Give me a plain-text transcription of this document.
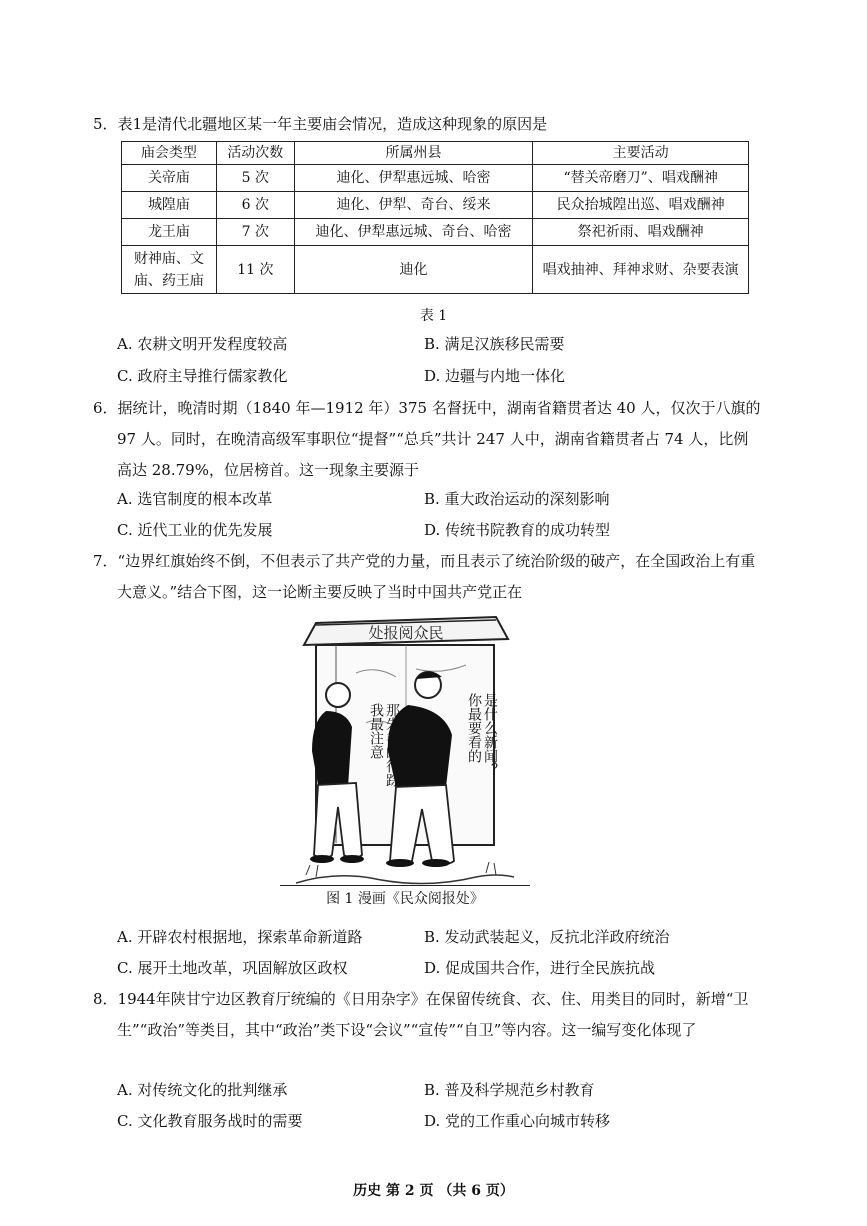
5．表1是清代北疆地区某一年主要庙会情况，造成这种现象的原因是

庙会类型	活动次数	所属州县	主要活动
关帝庙	5 次	迪化、伊犁惠远城、哈密	“替关帝磨刀”、唱戏酬神
城隍庙	6 次	迪化、伊犁、奇台、绥来	民众抬城隍出巡、唱戏酬神
龙王庙	7 次	迪化、伊犁惠远城、奇台、哈密	祭祀祈雨、唱戏酬神
财神庙、文庙、药王庙	11 次	迪化	唱戏抽神、拜神求财、杂要表演
表 1
A. 农耕文明开发程度较高	B. 满足汉族移民需要
C. 政府主导推行儒家教化	D. 边疆与内地一体化

6．据统计，晚清时期（1840 年—1912 年）375 名督抚中，湖南省籍贯者达 40 人，仅次于八旗的 97 人。同时，在晚清高级军事职位“提督”“总兵”共计 247 人中，湖南省籍贯者占 74 人，比例高达 28.79%，位居榜首。这一现象主要源于

A. 选官制度的根本改革	B. 重大政治运动的深刻影响
C. 近代工业的优先发展	D. 传统书院教育的成功转型

7．“边界红旗始终不倒，不但表示了共产党的力量，而且表示了统治阶级的破产，在全国政治上有重大意义。”结合下图，这一论断主要反映了当时中国共产党正在

处报阅众民
我最注意 那朱毛的行踪	你最要看的 是什么新闻？
图 1 漫画《民众阅报处》
A. 开辟农村根据地，探索革命新道路	B. 发动武装起义，反抗北洋政府统治
C. 展开土地改革，巩固解放区政权	D. 促成国共合作，进行全民族抗战

8．1944年陕甘宁边区教育厅统编的《日用杂字》在保留传统食、衣、住、用类目的同时，新增“卫生”“政治”等类目，其中“政治”类下设“会议”“宣传”“自卫”等内容。这一编写变化体现了

A. 对传统文化的批判继承	B. 普及科学规范乡村教育
C. 文化教育服务战时的需要	D. 党的工作重心向城市转移
历史 第 2 页 （共 6 页）
